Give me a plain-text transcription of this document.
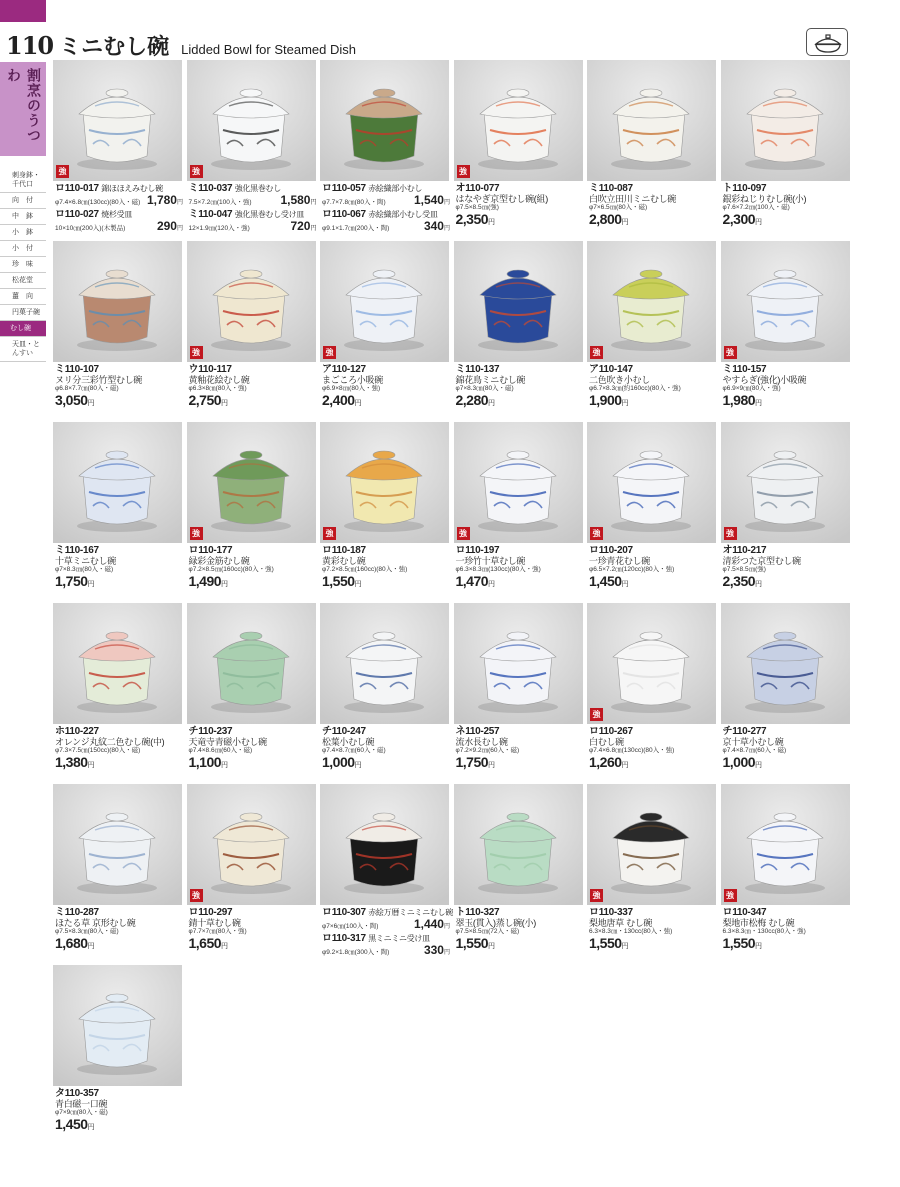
110 ミニむし碗 Lidded Bowl for Steamed Dish
割烹のうつわ
刺身鉢・千代口
向　付
中　鉢
小　鉢
小　付
珍　味
松花堂
薑　向
円菓子碗
むし碗
天皿・とんすい
強
ロ110-017 錦ほほえみむし碗
φ7.4×6.8㎝(130cc)(80入・磁) 1,780円
ロ110-027 焼杉受皿
10×10㎝(200入)(木製品)	290円
強
ミ110-037 強化黒巻むし
7.5×7.2㎝(100入・強) 1,580円
ミ110-047 強化黒巻むし受け皿
12×1.9㎝(120入・強)	720円
ロ110-057 赤絵織部小むし
φ7.7×7.8㎝(80入・陶) 1,540円
ロ110-067 赤絵織部小むし受皿
φ9.1×1.7㎝(200入・陶)	340円
強
オ110-077
はなやぎ京型むし碗(組)
φ7.5×8.5㎝(強)
2,350円
ミ110-087
白吹立田川ミニむし碗
φ7×6.5㎝(80入・磁)
2,800円
ト110-097
銀彩ねじりむし碗(小)
φ7.6×7.2㎝(100入・磁)
2,300円
ミ110-107
ヌリ分三彩竹型むし碗
φ6.8×7.7㎝(80入・磁)
3,050円
強
ウ110-117
黄釉花絵むし碗
φ6.3×8㎝(80入・強)
2,750円
強
ア110-127
まごころ小吸碗
φ6.9×8㎝(80入・強)
2,400円
ミ110-137
錦花鳥ミニむし碗
φ7×8.3㎝(80入・磁)
2,280円
強
ア110-147
二色吹き小むし
φ6.7×8.3㎝(約160cc)(80入・強)
1,900円
強
ミ110-157
やすらぎ(強化)小吸碗
φ6.9×9㎝(80入・強)
1,980円
ミ110-167
十草ミニむし碗
φ7×8.3㎝(80入・磁)
1,750円
強
ロ110-177
緑彩金筋むし碗
φ7.2×8.5㎝(160cc)(80入・強)
1,490円
強
ロ110-187
黄彩むし碗
φ7.2×8.5㎝(160cc)(80入・強)
1,550円
強
ロ110-197
一珍竹十草むし碗
φ6.3×8.3㎝(130cc)(80入・強)
1,470円
強
ロ110-207
一珍青花むし碗
φ6.5×7.2㎝(120cc)(80入・強)
1,450円
強
オ110-217
清彩つた京型むし碗
φ7.5×8.5㎝(強)
2,350円
ホ110-227
オレンジ丸紋二色むし碗(中)
φ7.3×7.5㎝(150cc)(80入・磁)
1,380円
チ110-237
天竜寺青磁小むし碗
φ7.4×8.6㎝(60入・磁)
1,100円
チ110-247
松葉小むし碗
φ7.4×8.7㎝(60入・磁)
1,000円
ネ110-257
流水長むし碗
φ7.2×9.2㎝(60入・磁)
1,750円
強
ロ110-267
白むし碗
φ7.4×6.8㎝(130cc)(80入・強)
1,260円
チ110-277
京十草小むし碗
φ7.4×8.7㎝(60入・磁)
1,000円
ミ110-287
ほたる草 京形むし碗
φ7.5×8.3㎝(80入・磁)
1,680円
強
ロ110-297
錆十草むし碗
φ7.7×7㎝(80入・強)
1,650円
ロ110-307 赤絵万暦ミニミニむし碗
φ7×6㎝(100入・陶)	1,440円
ロ110-317 黒ミニミニ受け皿
φ9.2×1.8㎝(300入・陶)	330円
ト110-327
翠玉(貫入)蒸し碗(小)
φ7.5×8.5㎝(72入・磁)
1,550円
強
ロ110-337
梨地唐草 むし碗
6.3×8.3㎝・130cc(80入・強)
1,550円
強
ロ110-347
梨地市松梅 むし碗
6.3×8.3㎝・130cc(80入・強)
1,550円
タ110-357
青白磁一口碗
φ7×9㎝(80入・磁)
1,450円
